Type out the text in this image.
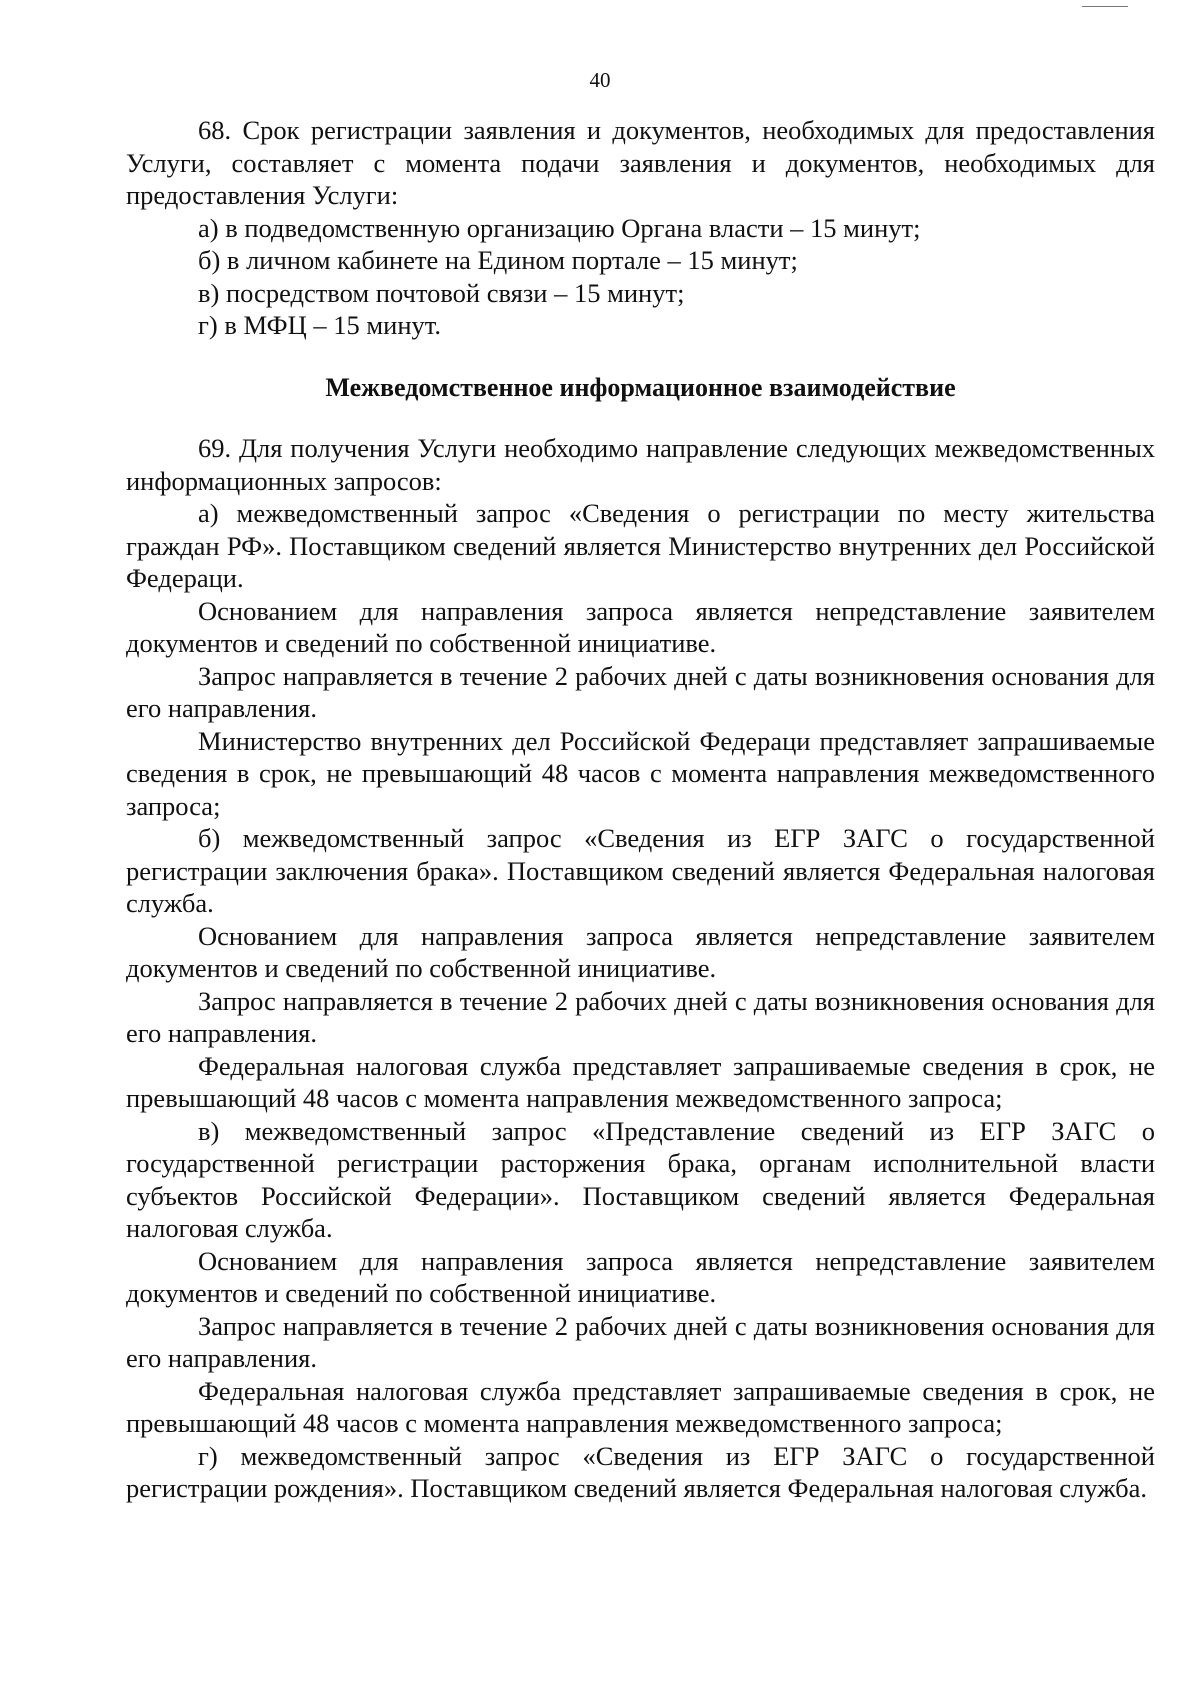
40

68. Срок регистрации заявления и документов, необходимых для предоставления Услуги, составляет с момента подачи заявления и документов, необходимых для предоставления Услуги:

а) в подведомственную организацию Органа власти – 15 минут;

б) в личном кабинете на Едином портале – 15 минут;

в) посредством почтовой связи – 15 минут;

г) в МФЦ – 15 минут.

Межведомственное информационное взаимодействие

69. Для получения Услуги необходимо направление следующих межведомственных информационных запросов:

а) межведомственный запрос «Сведения о регистрации по месту жительства граждан РФ». Поставщиком сведений является Министерство внутренних дел Российской Федераци.

Основанием для направления запроса является непредставление заявителем документов и сведений по собственной инициативе.

Запрос направляется в течение 2 рабочих дней с даты возникновения основания для его направления.

Министерство внутренних дел Российской Федераци представляет запрашиваемые сведения в срок, не превышающий 48 часов с момента направления межведомственного запроса;

б) межведомственный запрос «Сведения из ЕГР ЗАГС о государственной регистрации заключения брака». Поставщиком сведений является Федеральная налоговая служба.

Основанием для направления запроса является непредставление заявителем документов и сведений по собственной инициативе.

Запрос направляется в течение 2 рабочих дней с даты возникновения основания для его направления.

Федеральная налоговая служба представляет запрашиваемые сведения в срок, не превышающий 48 часов с момента направления межведомственного запроса;

в) межведомственный запрос «Представление сведений из ЕГР ЗАГС о государственной регистрации расторжения брака, органам исполнительной власти субъектов Российской Федерации». Поставщиком сведений является Федеральная налоговая служба.

Основанием для направления запроса является непредставление заявителем документов и сведений по собственной инициативе.

Запрос направляется в течение 2 рабочих дней с даты возникновения основания для его направления.

Федеральная налоговая служба представляет запрашиваемые сведения в срок, не превышающий 48 часов с момента направления межведомственного запроса;

г) межведомственный запрос «Сведения из ЕГР ЗАГС о государственной регистрации рождения». Поставщиком сведений является Федеральная налоговая служба.
